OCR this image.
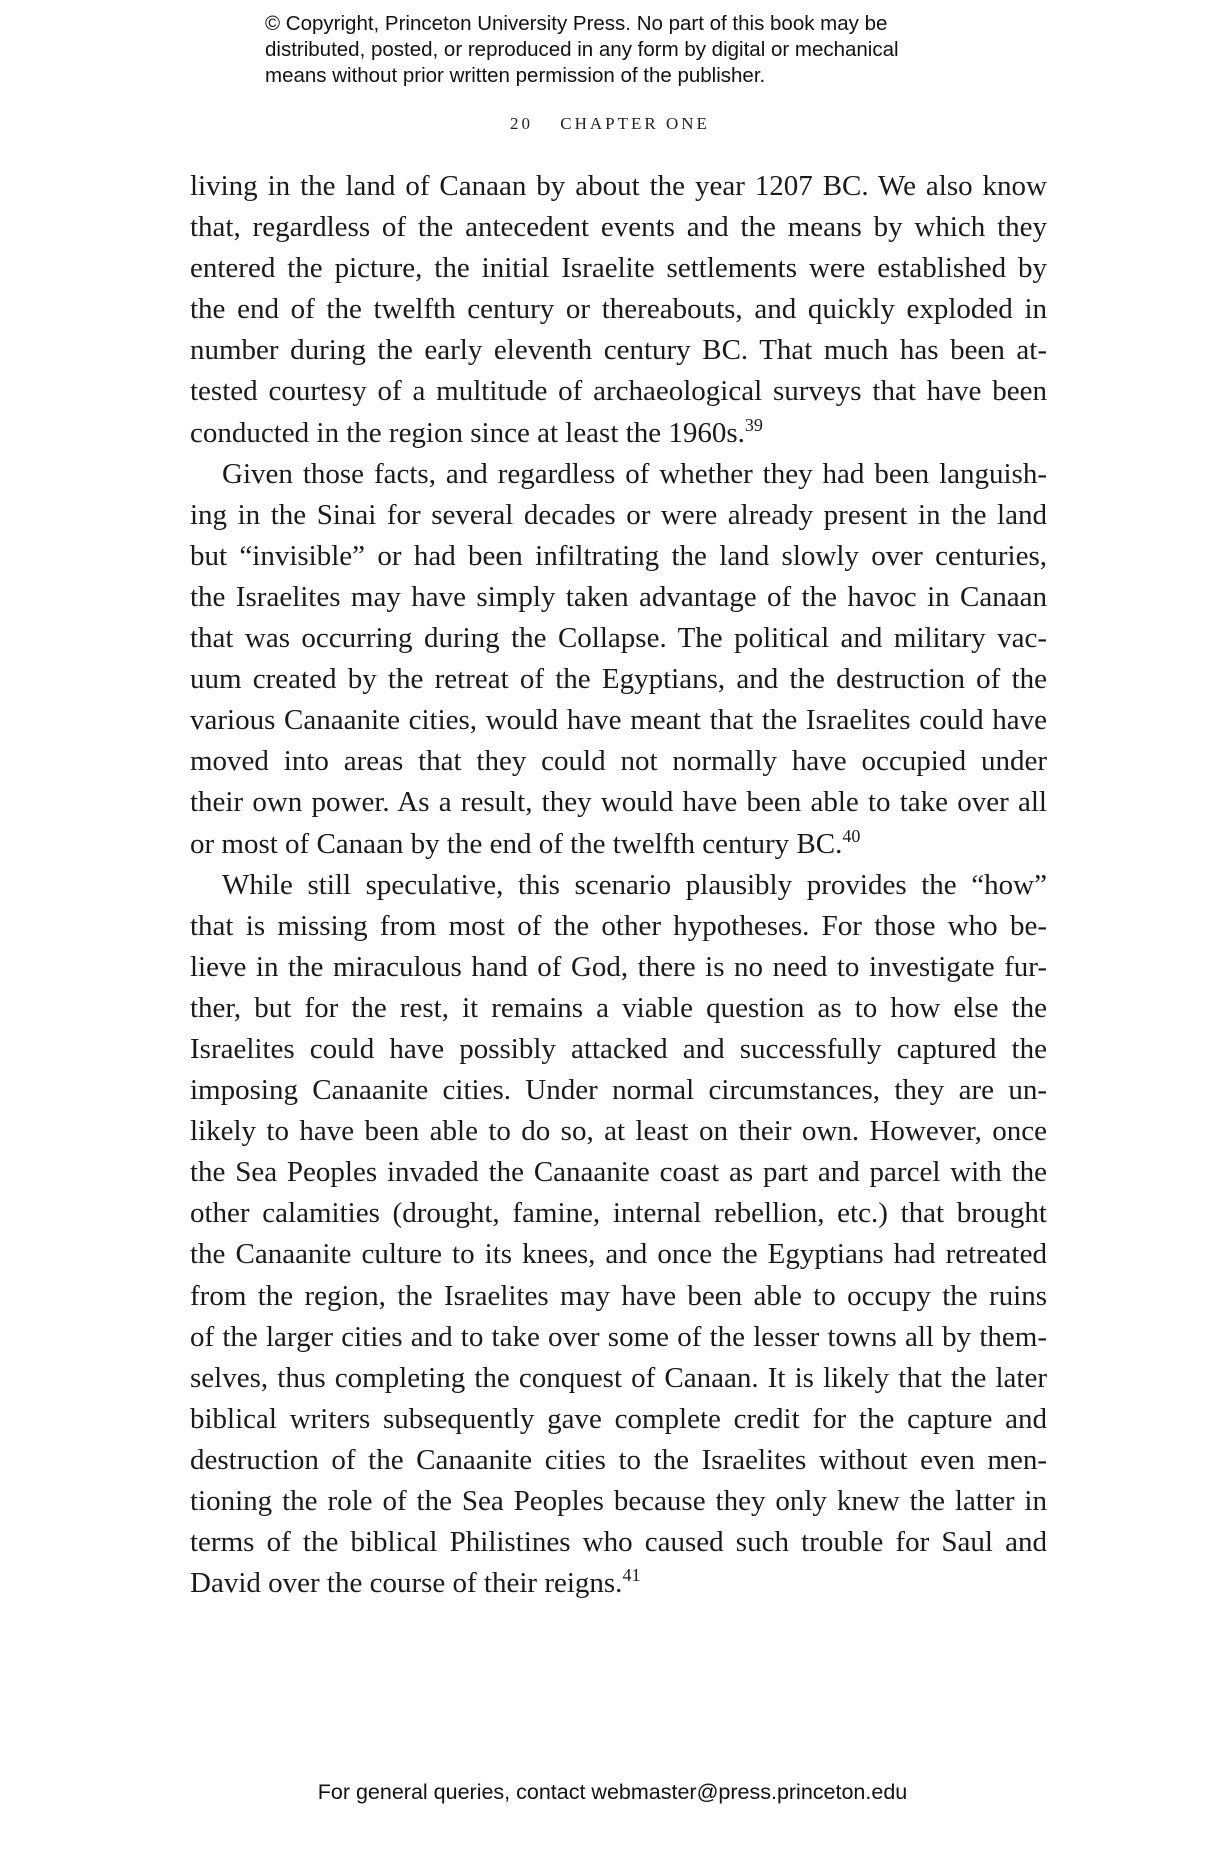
© Copyright, Princeton University Press. No part of this book may be
distributed, posted, or reproduced in any form by digital or mechanical
means without prior written permission of the publisher.
20 CHAPTER ONE

living in the land of Canaan by about the year 1207 BC. We also know
that, regardless of the antecedent events and the means by which they
entered the picture, the initial Israelite settlements were established by
the end of the twelfth century or thereabouts, and quickly exploded in
number during the early eleventh century BC. That much has been at-
tested courtesy of a multitude of archaeological surveys that have been
conducted in the region since at least the 1960s.$^{39}$

Given those facts, and regardless of whether they had been languish-
ing in the Sinai for several decades or were already present in the land
but “invisible” or had been infiltrating the land slowly over centuries,
the Israelites may have simply taken advantage of the havoc in Canaan
that was occurring during the Collapse. The political and military vac-
uum created by the retreat of the Egyptians, and the destruction of the
various Canaanite cities, would have meant that the Israelites could have
moved into areas that they could not normally have occupied under
their own power. As a result, they would have been able to take over all
or most of Canaan by the end of the twelfth century BC.$^{40}$

While still speculative, this scenario plausibly provides the “how”
that is missing from most of the other hypotheses. For those who be-
lieve in the miraculous hand of God, there is no need to investigate fur-
ther, but for the rest, it remains a viable question as to how else the
Israelites could have possibly attacked and successfully captured the
imposing Canaanite cities. Under normal circumstances, they are un-
likely to have been able to do so, at least on their own. However, once
the Sea Peoples invaded the Canaanite coast as part and parcel with the
other calamities (drought, famine, internal rebellion, etc.) that brought
the Canaanite culture to its knees, and once the Egyptians had retreated
from the region, the Israelites may have been able to occupy the ruins
of the larger cities and to take over some of the lesser towns all by them-
selves, thus completing the conquest of Canaan. It is likely that the later
biblical writers subsequently gave complete credit for the capture and
destruction of the Canaanite cities to the Israelites without even men-
tioning the role of the Sea Peoples because they only knew the latter in
terms of the biblical Philistines who caused such trouble for Saul and
David over the course of their reigns.$^{41}$

For general queries, contact webmaster@press.princeton.edu
